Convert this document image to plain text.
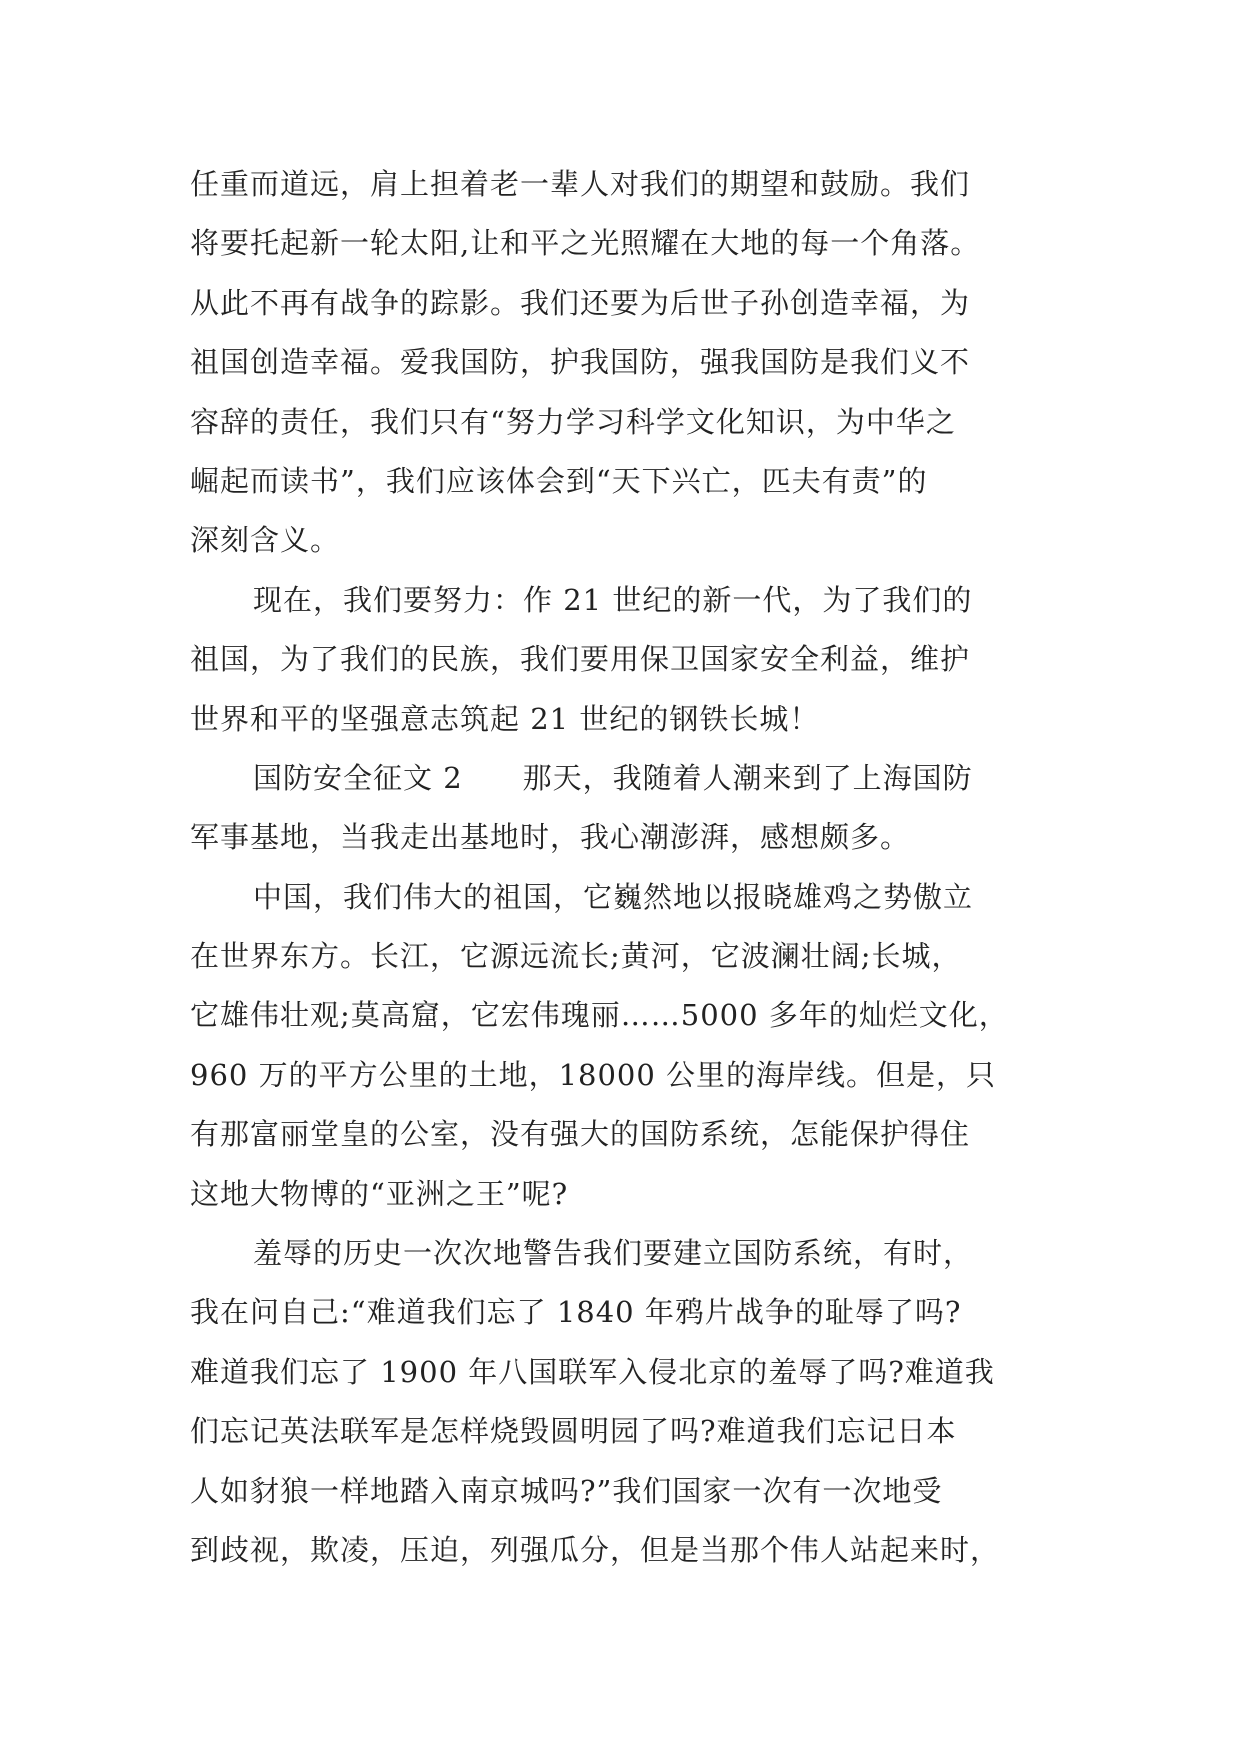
任重而道远，肩上担着老一辈人对我们的期望和鼓励。我们
将要托起新一轮太阳,让和平之光照耀在大地的每一个角落。
从此不再有战争的踪影。我们还要为后世子孙创造幸福，为
祖国创造幸福。爱我国防，护我国防，强我国防是我们义不
容辞的责任，我们只有“努力学习科学文化知识，为中华之
崛起而读书”，我们应该体会到“天下兴亡，匹夫有责”的
深刻含义。
现在，我们要努力：作 21 世纪的新一代，为了我们的
祖国，为了我们的民族，我们要用保卫国家安全利益，维护
世界和平的坚强意志筑起 21 世纪的钢铁长城！
国防安全征文 2　　那天，我随着人潮来到了上海国防
军事基地，当我走出基地时，我心潮澎湃，感想颇多。
中国，我们伟大的祖国，它巍然地以报晓雄鸡之势傲立
在世界东方。长江，它源远流长;黄河，它波澜壮阔;长城，
它雄伟壮观;莫高窟，它宏伟瑰丽……5000 多年的灿烂文化，
960 万的平方公里的土地，18000 公里的海岸线。但是，只
有那富丽堂皇的公室，没有强大的国防系统，怎能保护得住
这地大物博的“亚洲之王”呢?
羞辱的历史一次次地警告我们要建立国防系统，有时，
我在问自己:“难道我们忘了 1840 年鸦片战争的耻辱了吗?
难道我们忘了 1900 年八国联军入侵北京的羞辱了吗?难道我
们忘记英法联军是怎样烧毁圆明园了吗?难道我们忘记日本
人如豺狼一样地踏入南京城吗?”我们国家一次有一次地受
到歧视，欺凌，压迫，列强瓜分，但是当那个伟人站起来时，
